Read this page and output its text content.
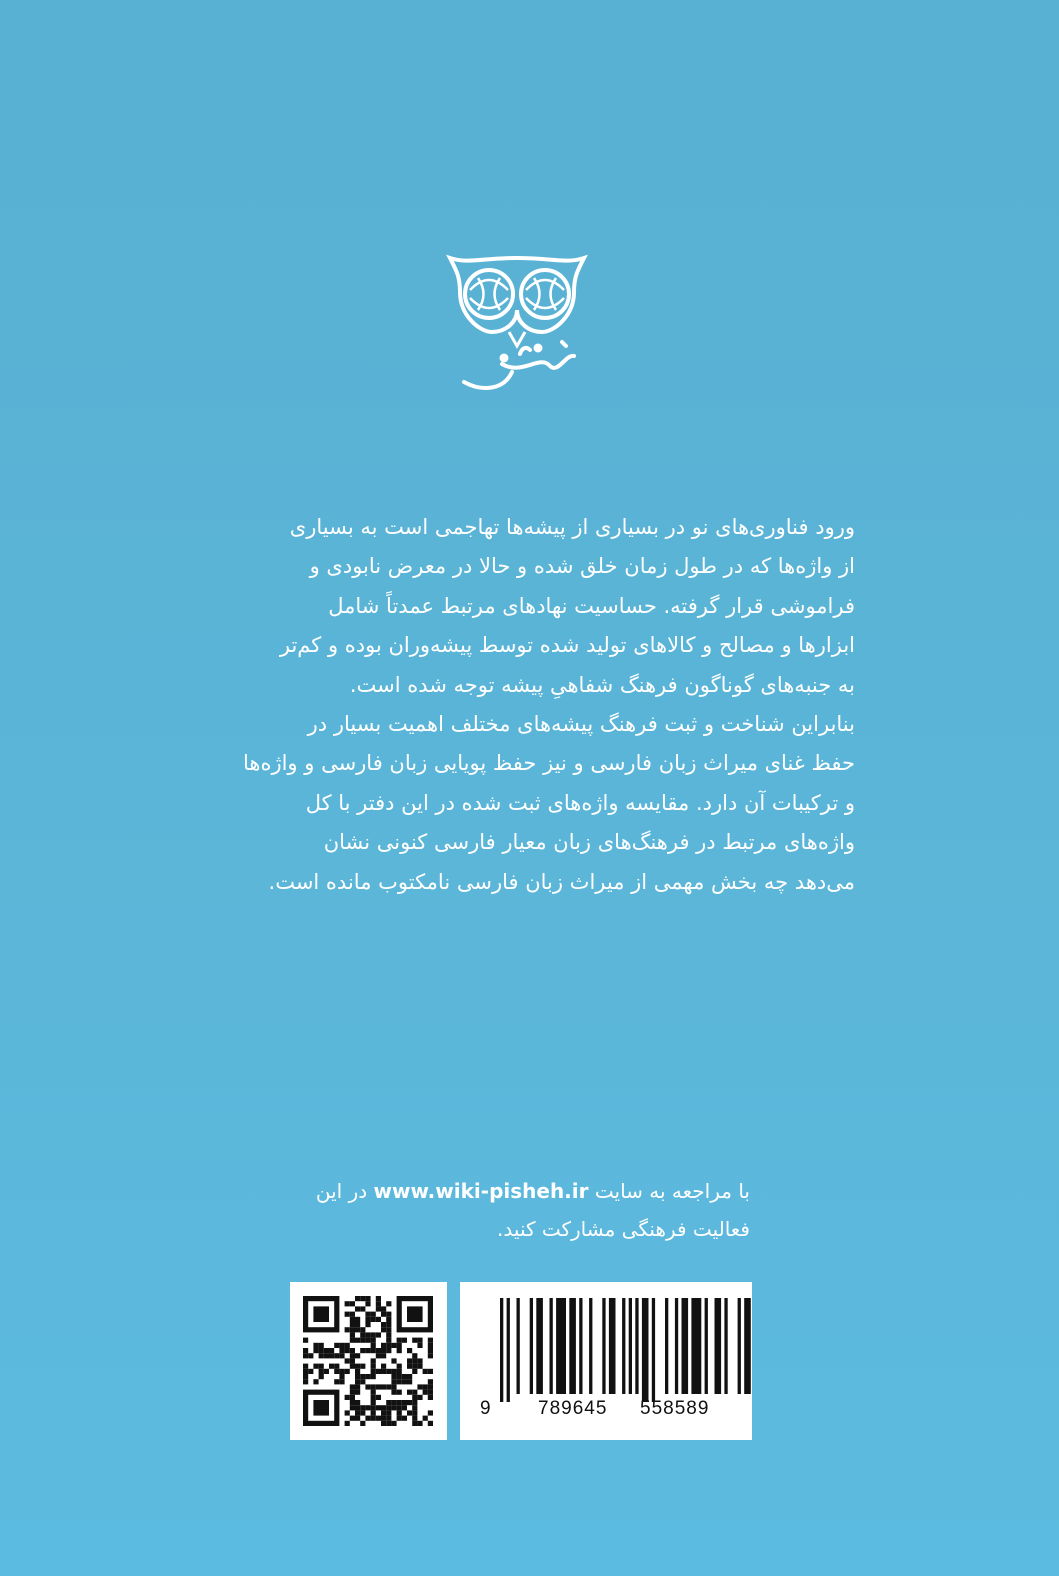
ورود فناوری‌های نو در بسیاری از پیشه‌ها تهاجمی است به بسیاری

از واژه‌ها که در طول زمان خلق شده و حالا در معرض نابودی و

فراموشی قرار گرفته. حساسیت نهادهای مرتبط عمدتاً شامل

ابزارها و مصالح و کالاهای تولید شده توسط پیشه‌وران بوده و کم‌تر

به جنبه‌های گوناگون فرهنگ شفاهیِ پیشه توجه شده است.

بنابراین شناخت و ثبت فرهنگ پیشه‌های مختلف اهمیت بسیار در

حفظ غنای میراث زبان فارسی و نیز حفظ پویایی زبان فارسی و واژه‌ها

و ترکیبات آن دارد. مقایسه واژه‌های ثبت شده در این دفتر با کل

واژه‌های مرتبط در فرهنگ‌های زبان معیار فارسی کنونی نشان

می‌دهد چه بخش مهمی از میراث زبان فارسی نامکتوب مانده است.

با مراجعه به سایت www.wiki-pisheh.ir در این
فعالیت فرهنگی مشارکت کنید.
9 789645 558589
